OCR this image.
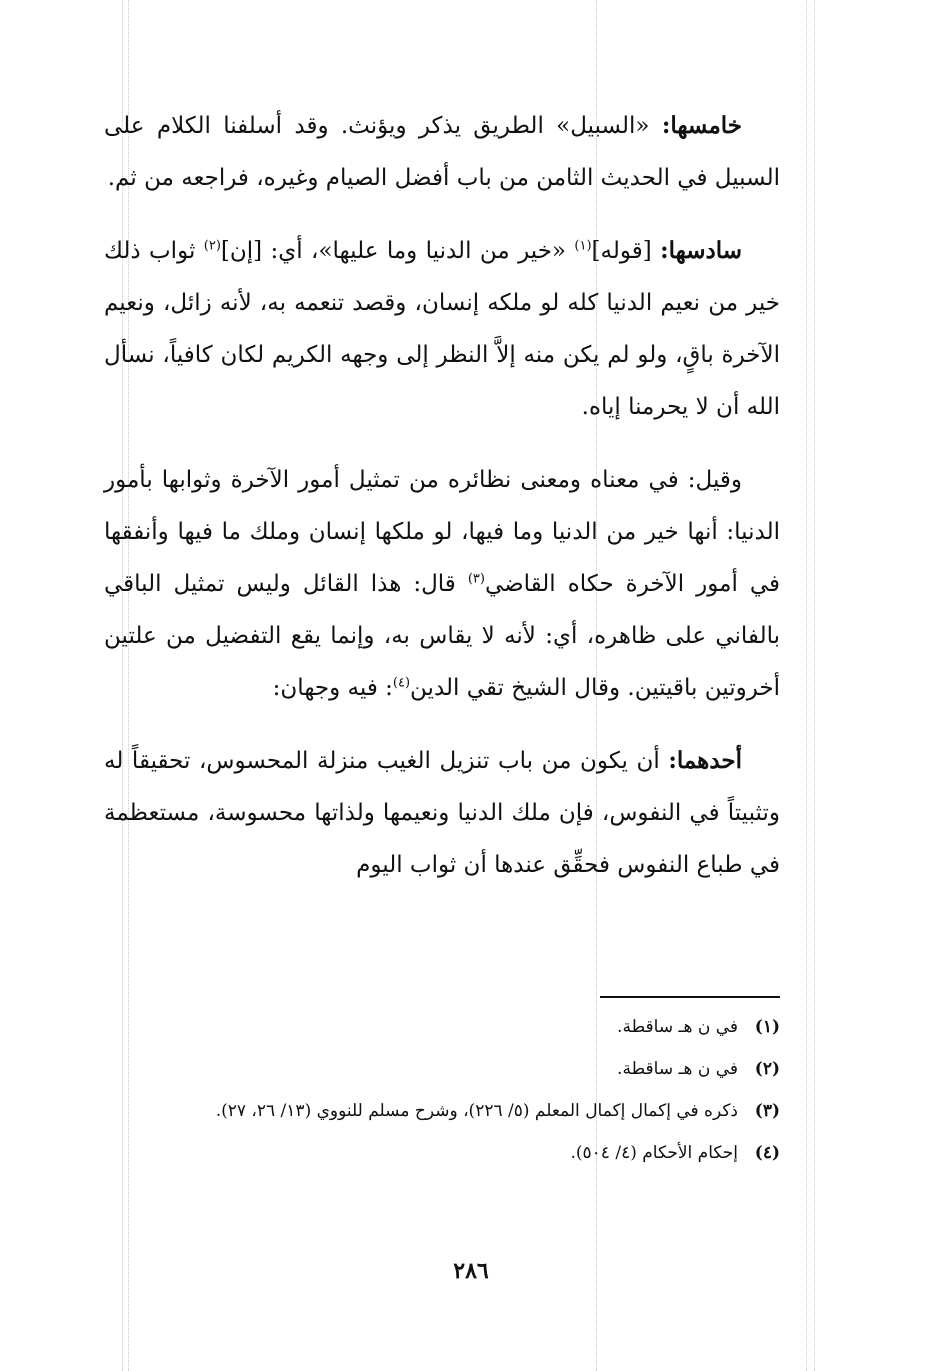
خامسها: «السبيل» الطريق يذكر ويؤنث. وقد أسلفنا الكلام على السبيل في الحديث الثامن من باب أفضل الصيام وغيره، فراجعه من ثم.

سادسها: [قوله]$^{(١)}$ «خير من الدنيا وما عليها»، أي: [إن]$^{(٢)}$ ثواب ذلك خير من نعيم الدنيا كله لو ملكه إنسان، وقصد تنعمه به، لأنه زائل، ونعيم الآخرة باقٍ، ولو لم يكن منه إلاَّ النظر إلى وجهه الكريم لكان كافياً، نسأل الله أن لا يحرمنا إياه.

وقيل: في معناه ومعنى نظائره من تمثيل أمور الآخرة وثوابها بأمور الدنيا: أنها خير من الدنيا وما فيها، لو ملكها إنسان وملك ما فيها وأنفقها في أمور الآخرة حكاه القاضي$^{(٣)}$ قال: هذا القائل وليس تمثيل الباقي بالفاني على ظاهره، أي: لأنه لا يقاس به، وإنما يقع التفضيل من علتين أخروتين باقيتين. وقال الشيخ تقي الدين$^{(٤)}$: فيه وجهان:

أحدهما: أن يكون من باب تنزيل الغيب منزلة المحسوس، تحقيقاً له وتثبيتاً في النفوس، فإن ملك الدنيا ونعيمها ولذاتها محسوسة، مستعظمة في طباع النفوس فحقِّق عندها أن ثواب اليوم

(١)
في ن هـ ساقطة.
(٢)
في ن هـ ساقطة.
(٣)
ذكره في إكمال إكمال المعلم (٥/ ٢٢٦)، وشرح مسلم للنووي (١٣/ ٢٦، ٢٧).
(٤)
إحكام الأحكام (٤/ ٥٠٤).
٢٨٦
